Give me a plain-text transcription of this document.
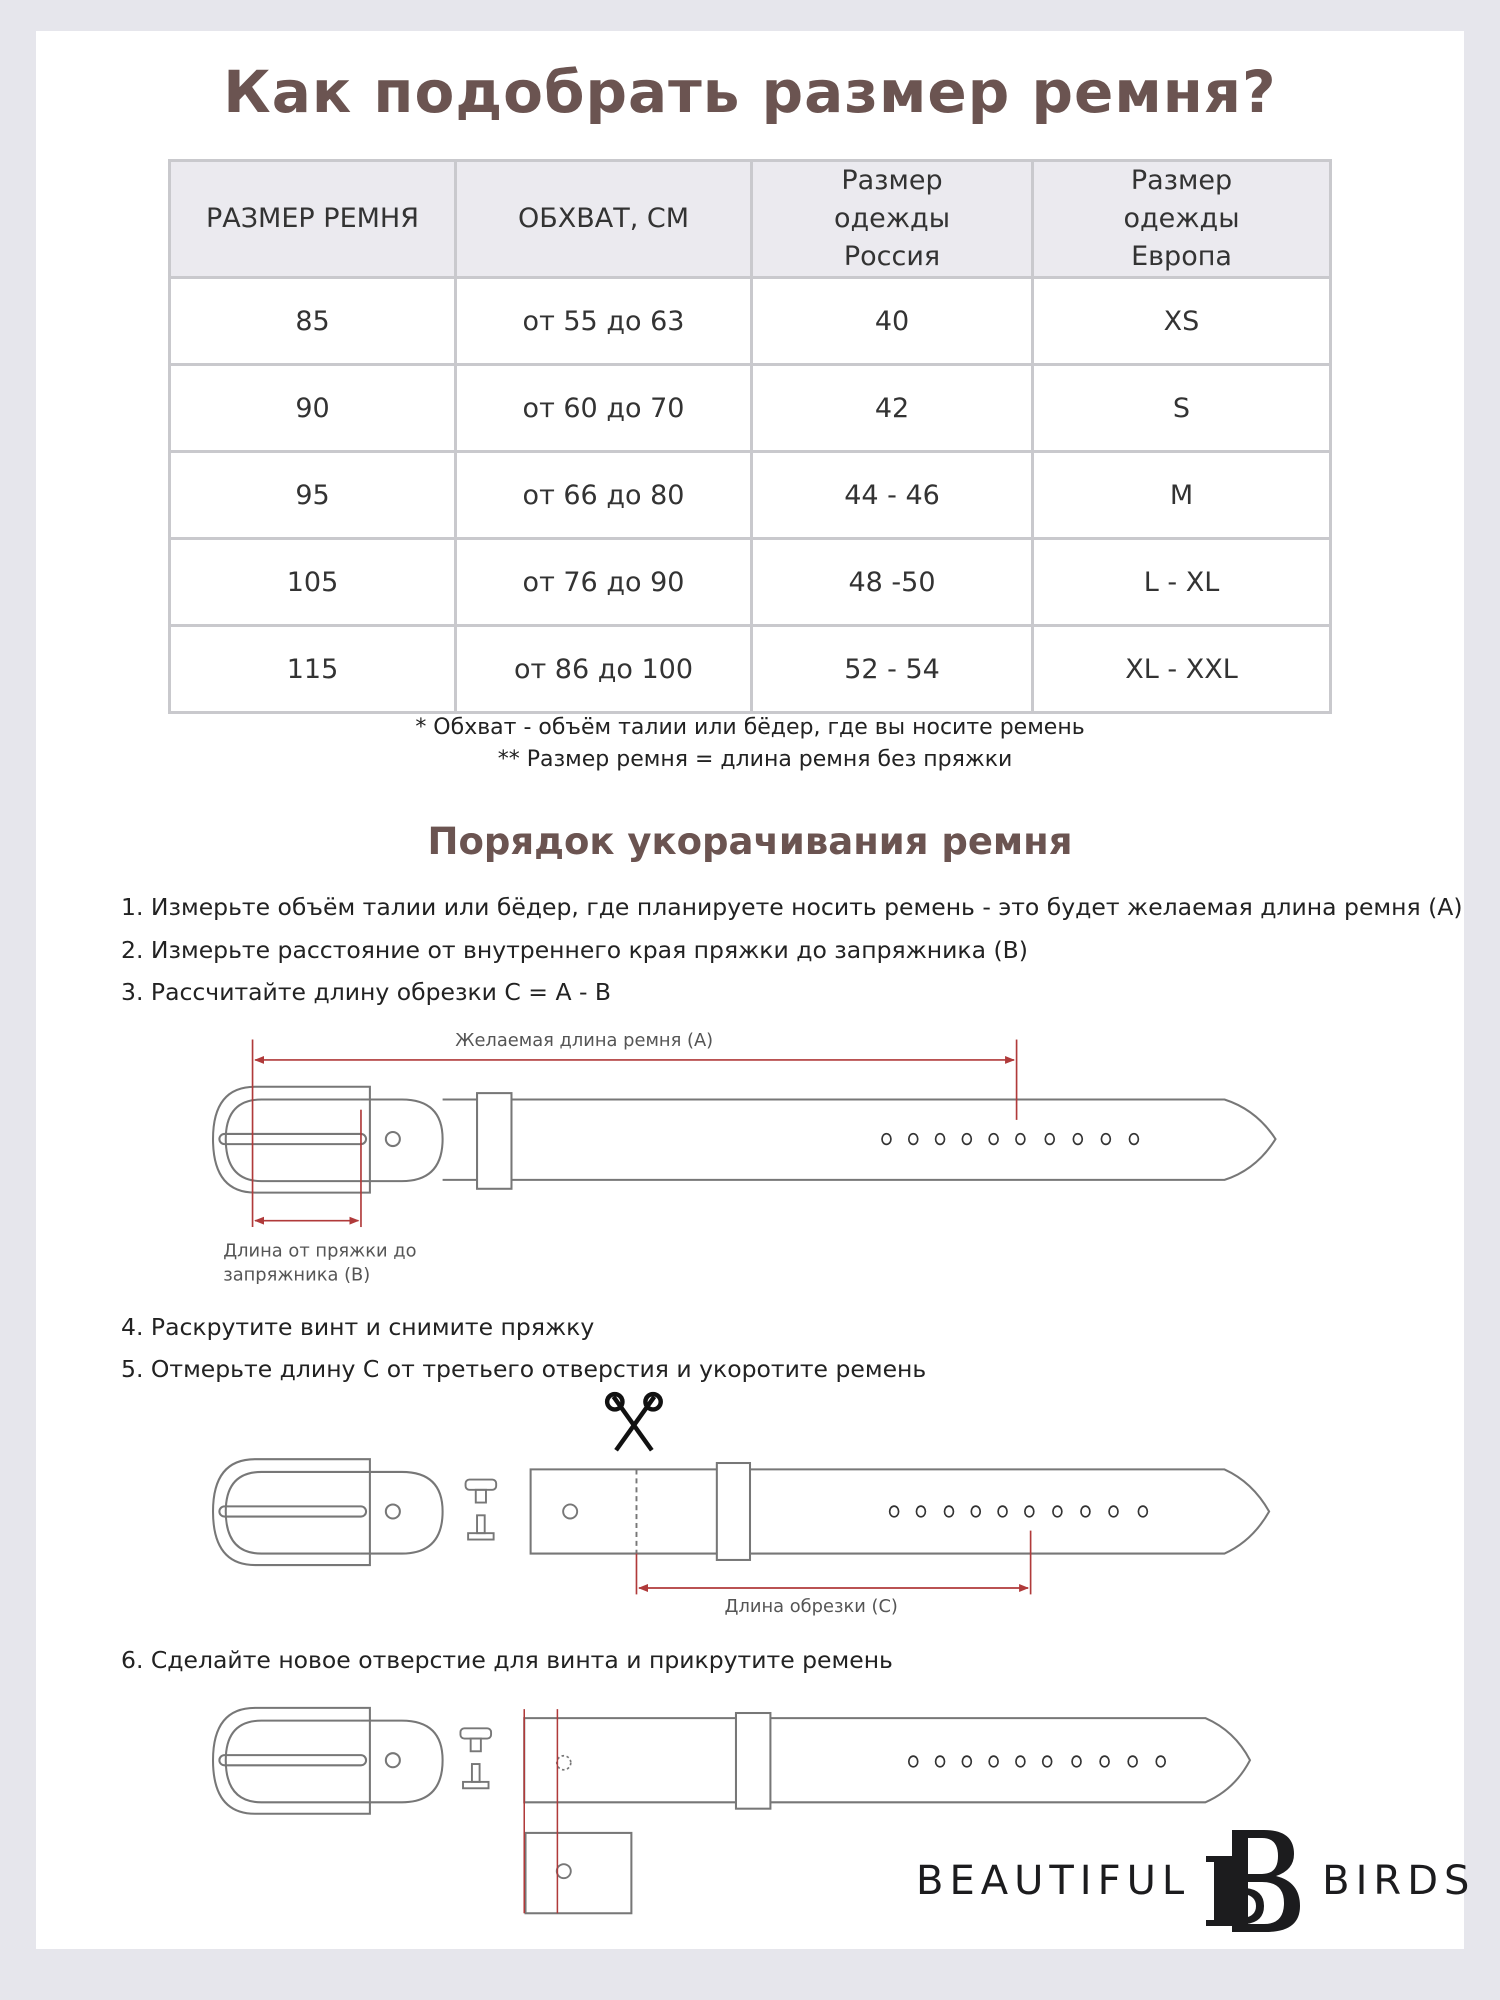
Как подобрать размер ремня?
РАЗМЕР РЕМНЯ	ОБХВАТ, СМ	Размер одежды Россия	Размер одежды Европа
85	от 55 до 63	40	XS
90	от 60 до 70	42	S
95	от 66 до 80	44 - 46	M
105	от 76 до 90	48 -50	L - XL
115	от 86 до 100	52 - 54	XL - XXL
* Обхват - объём талии или бёдер, где вы носите ремень
** Размер ремня = длина ремня без пряжки
Порядок укорачивания ремня
1. Измерьте объём талии или бёдер, где планируете носить ремень - это будет желаемая длина ремня (А)
2. Измерьте расстояние от внутреннего края пряжки до запряжника (В)
3. Рассчитайте длину обрезки С = А - В
4. Раскрутите винт и снимите пряжку
5. Отмерьте длину С от третьего отверстия и укоротите ремень
6. Сделайте новое отверстие для винта и прикрутите ремень
Желаемая длина ремня (А)
Длина от пряжки до
запряжника (В)
Длина обрезки (С)
BEAUTIFUL	BIRDS
